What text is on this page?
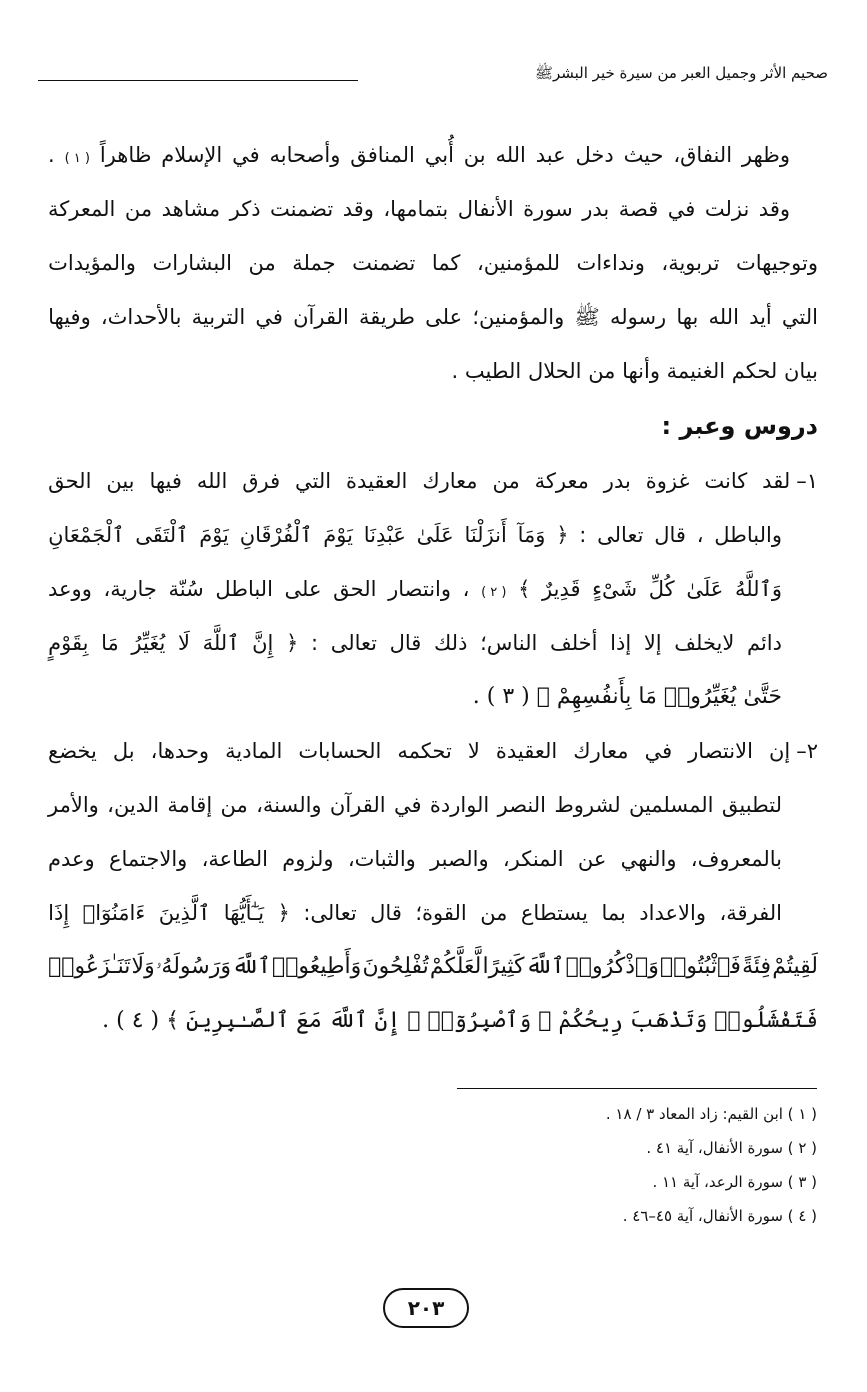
صحيم الأثر وجميل العبر من سيرة خير البشرﷺ
وظهر
النفاق،
حيث
دخل
عبد
الله
بن
أُبي
المنافق
وأصحابه
في
الإسلام
ظاهراً
( ١ )
.
وقد
نزلت
في
قصة
بدر
سورة
الأنفال
بتمامها،
وقد
تضمنت
ذكر
مشاهد
من
المعركة
وتوجيهات
تربوية،
ونداءات
للمؤمنين،
كما
تضمنت
جملة
من
البشارات
والمؤيدات
التي
أيد
الله
بها
رسوله
ﷺ
والمؤمنين؛
على
طريقة
القرآن
في
التربية
بالأحداث،
وفيها
بيان لحكم الغنيمة وأنها من الحلال الطيب .
دروس وعبر :
١–
لقد
كانت
غزوة
بدر
معركة
من
معارك
العقيدة
التي
فرق
الله
فيها
بين
الحق
والباطل
،
قال
تعالى
:
﴿
وَمَآ
أَنزَلْنَا
عَلَىٰ
عَبْدِنَا
يَوْمَ
ٱلْفُرْقَانِ
يَوْمَ
ٱلْتَقَى
ٱلْجَمْعَانِ
وَٱللَّهُ
عَلَىٰ
كُلِّ
شَىْءٍ
قَدِيرٌ
﴾
( ٢ )
،
وانتصار
الحق
على
الباطل
سُنّة
جارية،
ووعد
دائم
لايخلف
إلا
إذا
أخلف
الناس؛
ذلك
قال
تعالى
:
﴿
إِنَّ
ٱللَّهَ
لَا
يُغَيِّرُ
مَا
بِقَوْمٍ
حَتَّىٰ يُغَيِّرُوا۟ مَا بِأَنفُسِهِمْ ﴾ ( ٣ ) .
٢–
إن
الانتصار
في
معارك
العقيدة
لا
تحكمه
الحسابات
المادية
وحدها،
بل
يخضع
لتطبيق
المسلمين
لشروط
النصر
الواردة
في
القرآن
والسنة،
من
إقامة
الدين،
والأمر
بالمعروف،
والنهي
عن
المنكر،
والصبر
والثبات،
ولزوم
الطاعة،
والاجتماع
وعدم
الفرقة،
والاعداد
بما
يستطاع
من
القوة؛
قال
تعالى:
﴿
يَـٰٓأَيُّهَا
ٱلَّذِينَ
ءَامَنُوٓا۟
إِذَا
لَقِيتُمْ
فِئَةً
فَٱثْبُتُوا۟
وَٱذْكُرُوا۟
ٱللَّهَ
كَثِيرًا
لَّعَلَّكُمْ
تُفْلِحُونَ
وَأَطِيعُوا۟
ٱللَّهَ
وَرَسُولَهُۥ
وَلَا
تَنَـٰزَعُوا۟
فَتَفْشَلُوا۟ وَتَذْهَبَ رِيحُكُمْ ۖ وَٱصْبِرُوٓا۟ ۚ إِنَّ ٱللَّهَ مَعَ ٱلصَّـٰبِرِينَ ﴾ ( ٤ ) .
( ١ ) ابن القيم: زاد المعاد ٣ / ١٨ .
( ٢ ) سورة الأنفال، آية ٤١ .
( ٣ ) سورة الرعد، آية ١١ .
( ٤ ) سورة الأنفال، آية ٤٥–٤٦ .
٢٠٣
